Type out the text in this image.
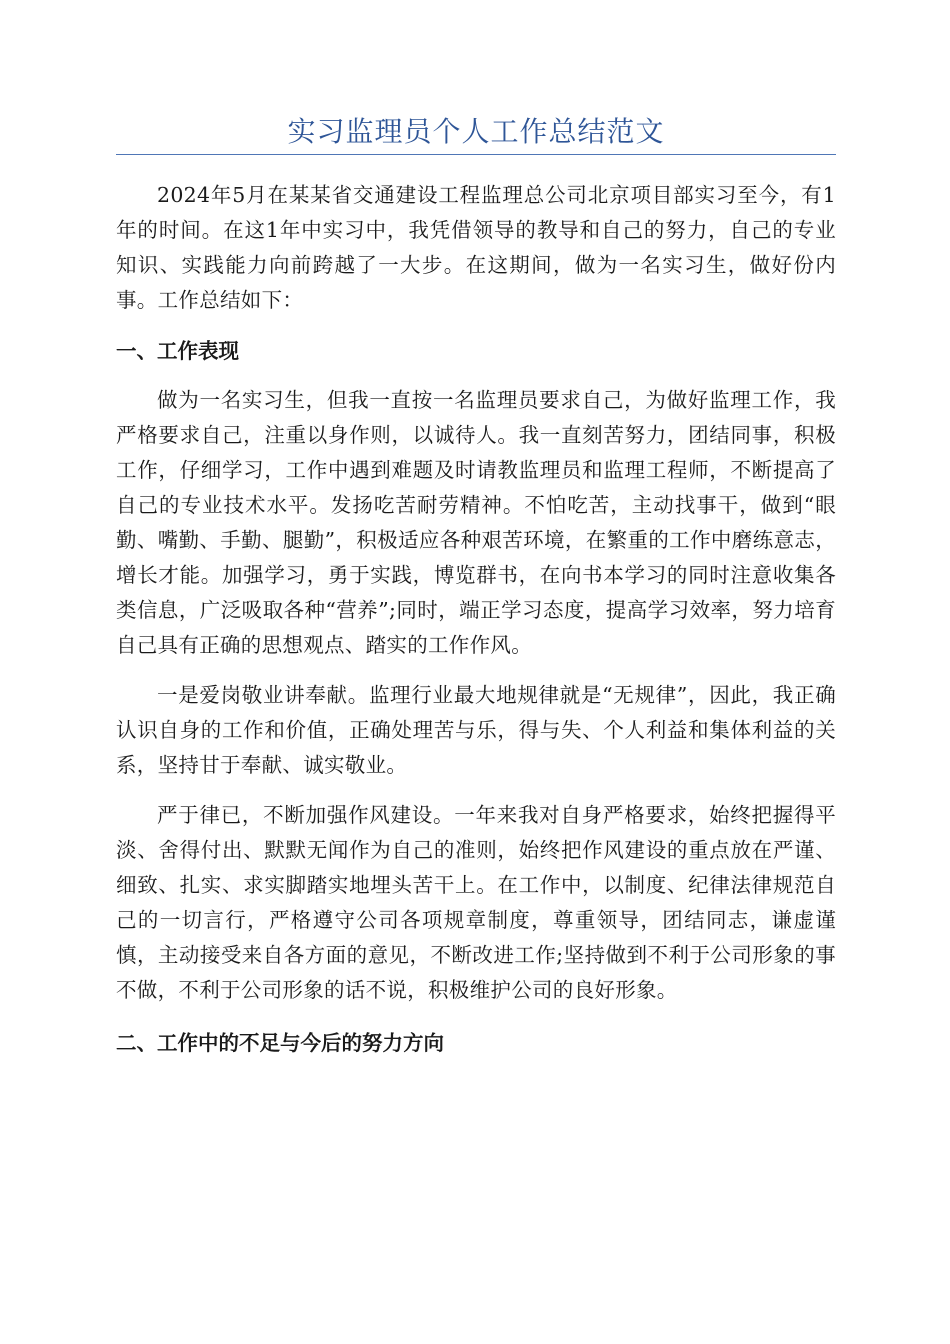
实习监理员个人工作总结范文

2024年5月在某某省交通建设工程监理总公司北京项目部实习至今，有1年的时间。在这1年中实习中，我凭借领导的教导和自己的努力，自己的专业知识、实践能力向前跨越了一大步。在这期间，做为一名实习生，做好份内事。工作总结如下：

一、工作表现

做为一名实习生，但我一直按一名监理员要求自己，为做好监理工作，我严格要求自己，注重以身作则，以诚待人。我一直刻苦努力，团结同事，积极工作，仔细学习，工作中遇到难题及时请教监理员和监理工程师，不断提高了自己的专业技术水平。发扬吃苦耐劳精神。不怕吃苦，主动找事干，做到“眼勤、嘴勤、手勤、腿勤”，积极适应各种艰苦环境，在繁重的工作中磨练意志，增长才能。加强学习，勇于实践，博览群书，在向书本学习的同时注意收集各类信息，广泛吸取各种“营养”;同时，端正学习态度，提高学习效率，努力培育自己具有正确的思想观点、踏实的工作作风。

一是爱岗敬业讲奉献。监理行业最大地规律就是“无规律”，因此，我正确认识自身的工作和价值，正确处理苦与乐，得与失、个人利益和集体利益的关系，坚持甘于奉献、诚实敬业。

严于律已，不断加强作风建设。一年来我对自身严格要求，始终把握得平淡、舍得付出、默默无闻作为自己的准则，始终把作风建设的重点放在严谨、细致、扎实、求实脚踏实地埋头苦干上。在工作中，以制度、纪律法律规范自己的一切言行，严格遵守公司各项规章制度，尊重领导，团结同志，谦虚谨慎，主动接受来自各方面的意见，不断改进工作;坚持做到不利于公司形象的事不做，不利于公司形象的话不说，积极维护公司的良好形象。

二、工作中的不足与今后的努力方向
